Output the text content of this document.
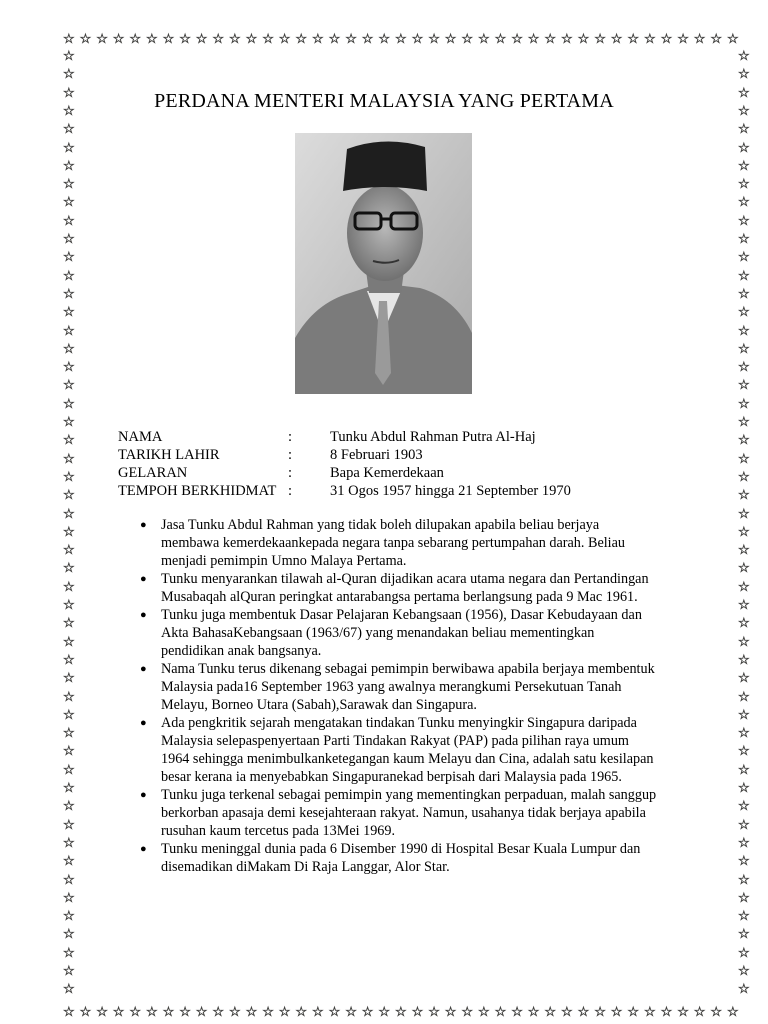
☆ ☆ ☆ ☆ ☆ ☆ ☆ ☆ ☆ ☆ ☆ ☆ ☆ ☆ ☆ ☆ ☆ ☆ ☆ ☆ ☆ ☆ ☆ ☆ ☆ ☆ ☆ ☆ ☆ ☆ ☆ ☆ ☆ ☆ ☆ ☆ ☆ ☆ ☆ ☆ ☆
☆ ☆ ☆ ☆ ☆ ☆ ☆ ☆ ☆ ☆ ☆ ☆ ☆ ☆ ☆ ☆ ☆ ☆ ☆ ☆ ☆ ☆ ☆ ☆ ☆ ☆ ☆ ☆ ☆ ☆ ☆ ☆ ☆ ☆ ☆ ☆ ☆ ☆ ☆ ☆ ☆
☆
☆
☆
☆
☆
☆
☆
☆
☆
☆
☆
☆
☆
☆
☆
☆
☆
☆
☆
☆
☆
☆
☆
☆
☆
☆
☆
☆
☆
☆
☆
☆
☆
☆
☆
☆
☆
☆
☆
☆
☆
☆
☆
☆
☆
☆
☆
☆
☆
☆
☆
☆
☆
☆
☆
☆
☆
☆
☆
☆
☆
☆
☆
☆
☆
☆
☆
☆
☆
☆
☆
☆
☆
☆
☆
☆
☆
☆
☆
☆
☆
☆
☆
☆
☆
☆
☆
☆
☆
☆
☆
☆
☆
☆
☆
☆
☆
☆
☆
☆
☆
☆
☆
☆
PERDANA MENTERI MALAYSIA YANG PERTAMA
NAMA	:	Tunku Abdul Rahman Putra Al-Haj
TARIKH LAHIR	:	8 Februari 1903
GELARAN	:	Bapa Kemerdekaan
TEMPOH BERKHIDMAT :	31 Ogos 1957 hingga 21 September 1970
● Jasa Tunku Abdul Rahman yang tidak boleh dilupakan apabila beliau berjaya membawa kemerdekaankepada negara tanpa sebarang pertumpahan darah. Beliau menjadi pemimpin Umno Malaya Pertama.
● Tunku menyarankan tilawah al-Quran dijadikan acara utama negara dan Pertandingan Musabaqah alQuran peringkat antarabangsa pertama berlangsung pada 9 Mac 1961.
● Tunku juga membentuk Dasar Pelajaran Kebangsaan (1956), Dasar Kebudayaan dan Akta BahasaKebangsaan (1963/67) yang menandakan beliau mementingkan pendidikan anak bangsanya.
● Nama Tunku terus dikenang sebagai pemimpin berwibawa apabila berjaya membentuk Malaysia pada16 September 1963 yang awalnya merangkumi Persekutuan Tanah Melayu, Borneo Utara (Sabah),Sarawak dan Singapura.
● Ada pengkritik sejarah mengatakan tindakan Tunku menyingkir Singapura daripada Malaysia selepaspenyertaan Parti Tindakan Rakyat (PAP) pada pilihan raya umum 1964 sehingga menimbulkanketegangan kaum Melayu dan Cina, adalah satu kesilapan besar kerana ia menyebabkan Singapuranekad berpisah dari Malaysia pada 1965.
● Tunku juga terkenal sebagai pemimpin yang mementingkan perpaduan, malah sanggup berkorban apasaja demi kesejahteraan rakyat. Namun, usahanya tidak berjaya apabila rusuhan kaum tercetus pada 13Mei 1969.
● Tunku meninggal dunia pada 6 Disember 1990 di Hospital Besar Kuala Lumpur dan disemadikan diMakam Di Raja Langgar, Alor Star.
